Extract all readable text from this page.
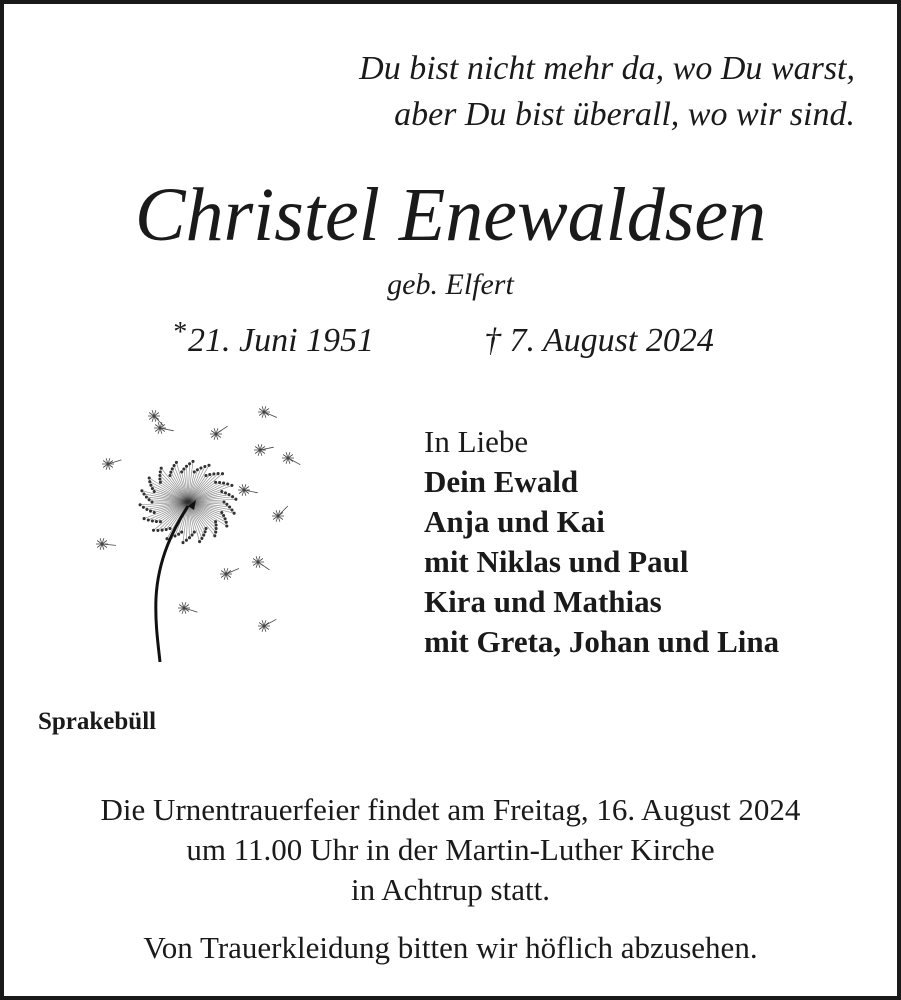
Du bist nicht mehr da, wo Du warst,
aber Du bist überall, wo wir sind.
Christel Enewaldsen
geb. Elfert
*21. Juni 1951	† 7. August 2024
In Liebe
Dein Ewald
Anja und Kai
mit Niklas und Paul
Kira und Mathias
mit Greta, Johan und Lina
Sprakebüll
Die Urnentrauerfeier findet am Freitag, 16. August 2024
um 11.00 Uhr in der Martin-Luther Kirche
in Achtrup statt.
Von Trauerkleidung bitten wir höflich abzusehen.
